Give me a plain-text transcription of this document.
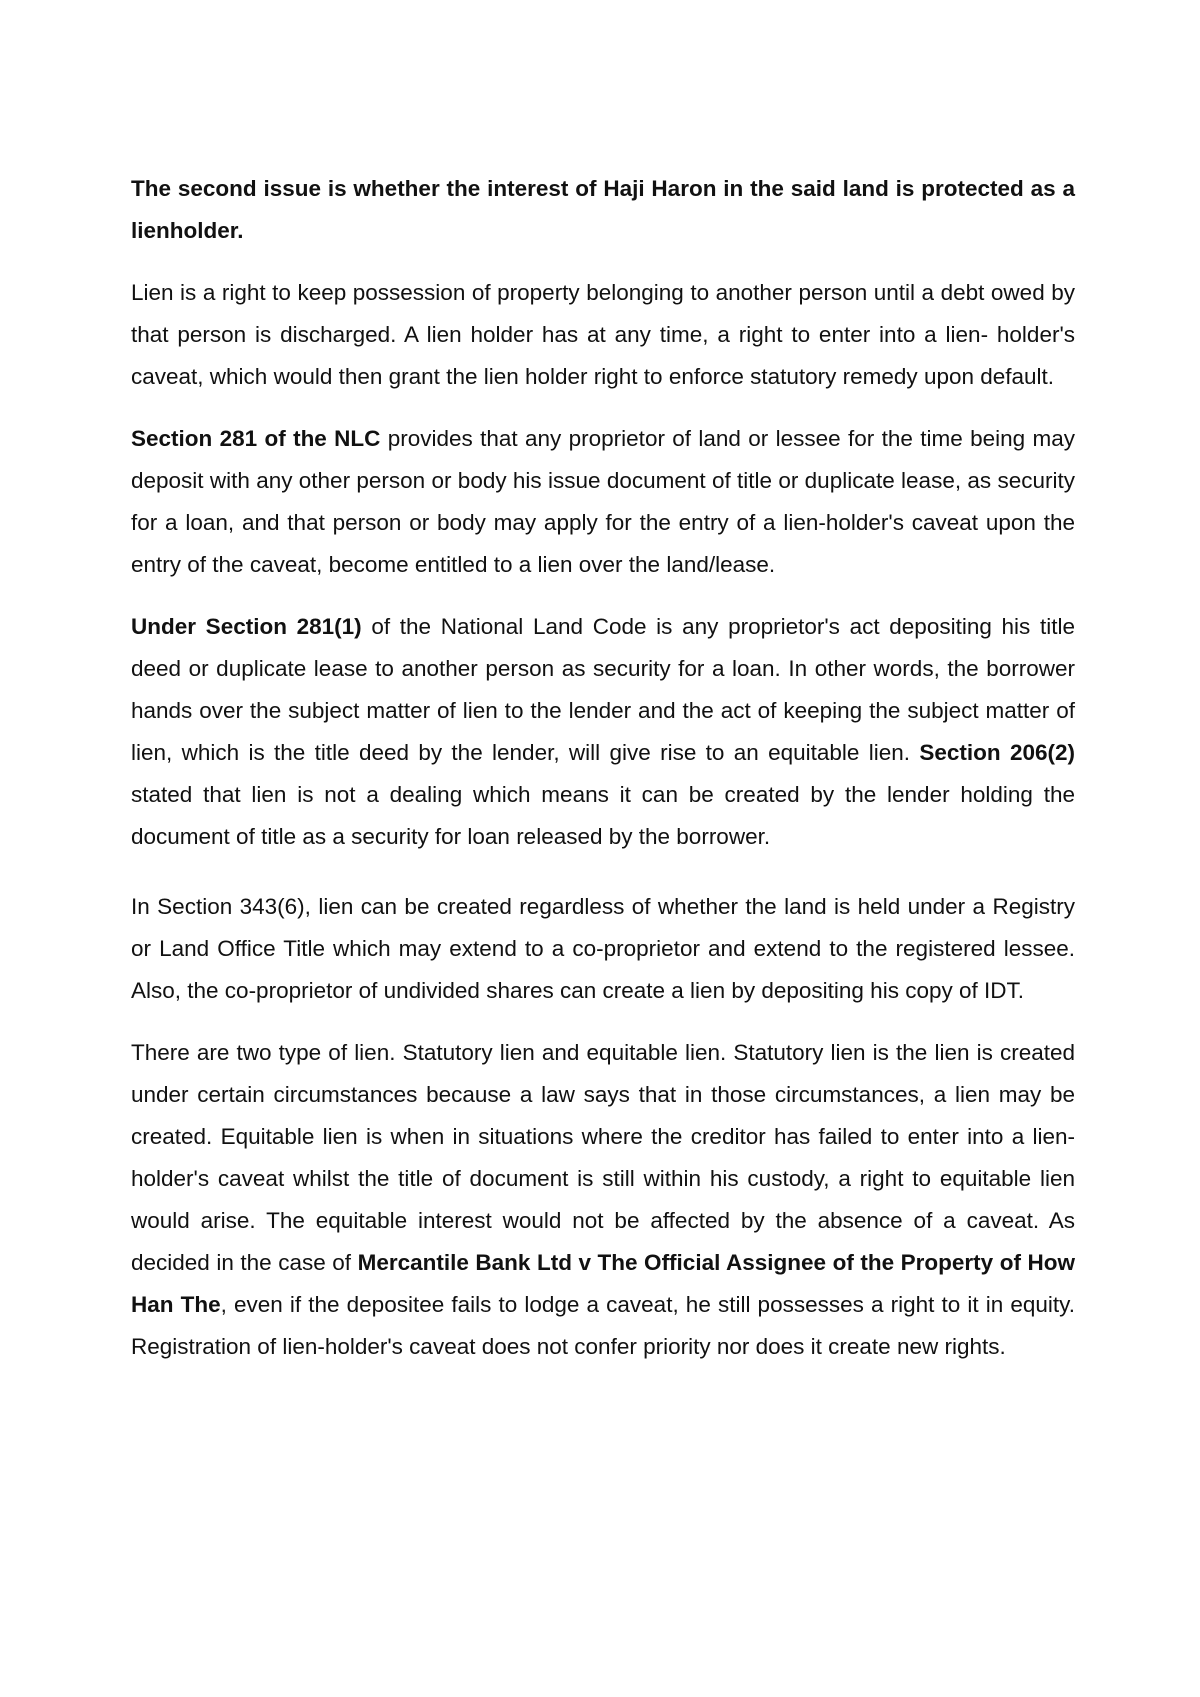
The second issue is whether the interest of Haji Haron in the said land is protected as a lienholder.

Lien is a right to keep possession of property belonging to another person until a debt owed by that person is discharged. A lien holder has at any time, a right to enter into a lien- holder's caveat, which would then grant the lien holder right to enforce statutory remedy upon default.

Section 281 of the NLC provides that any proprietor of land or lessee for the time being may deposit with any other person or body his issue document of title or duplicate lease, as security for a loan, and that person or body may apply for the entry of a lien-holder's caveat upon the entry of the caveat, become entitled to a lien over the land/lease.

Under Section 281(1) of the National Land Code is any proprietor's act depositing his title deed or duplicate lease to another person as security for a loan. In other words, the borrower hands over the subject matter of lien to the lender and the act of keeping the subject matter of lien, which is the title deed by the lender, will give rise to an equitable lien. Section 206(2) stated that lien is not a dealing which means it can be created by the lender holding the document of title as a security for loan released by the borrower.

In Section 343(6), lien can be created regardless of whether the land is held under a Registry or Land Office Title which may extend to a co-proprietor and extend to the registered lessee. Also, the co-proprietor of undivided shares can create a lien by depositing his copy of IDT.

There are two type of lien. Statutory lien and equitable lien. Statutory lien is the lien is created under certain circumstances because a law says that in those circumstances, a lien may be created. Equitable lien is when in situations where the creditor has failed to enter into a lien-holder's caveat whilst the title of document is still within his custody, a right to equitable lien would arise. The equitable interest would not be affected by the absence of a caveat. As decided in the case of Mercantile Bank Ltd v The Official Assignee of the Property of How Han The, even if the depositee fails to lodge a caveat, he still possesses a right to it in equity. Registration of lien-holder's caveat does not confer priority nor does it create new rights.
